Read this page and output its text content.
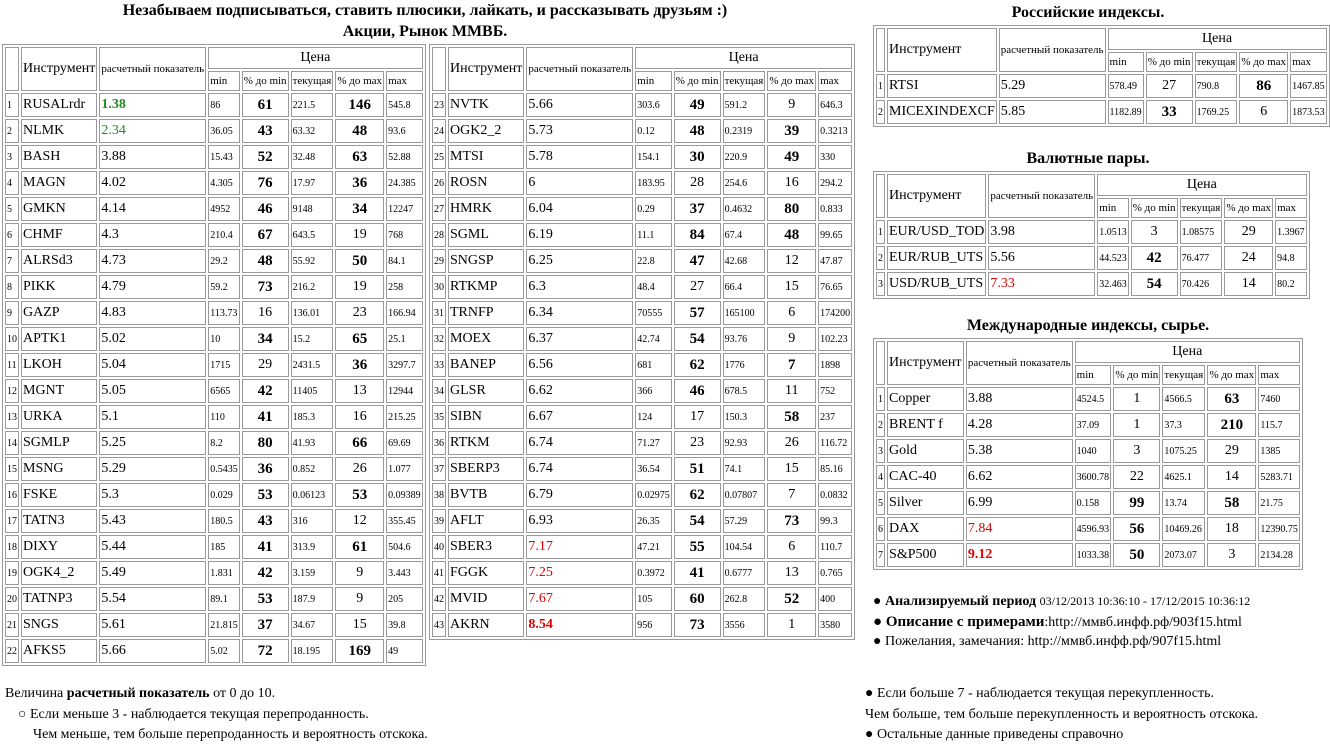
Незабываем подписываться, ставить плюсики, лайкать, и рассказывать друзьям :)
Акции, Рынок ММВБ.
	Инструмент	расчетный показатель	Цена				
			min	% до min	текущая	% до max	max
1	RUSALrdr	1.38	86	61	221.5	146	545.8
2	NLMK	2.34	36.05	43	63.32	48	93.6
3	BASH	3.88	15.43	52	32.48	63	52.88
4	MAGN	4.02	4.305	76	17.97	36	24.385
5	GMKN	4.14	4952	46	9148	34	12247
6	CHMF	4.3	210.4	67	643.5	19	768
7	ALRSd3	4.73	29.2	48	55.92	50	84.1
8	PIKK	4.79	59.2	73	216.2	19	258
9	GAZP	4.83	113.73	16	136.01	23	166.94
10	APTK1	5.02	10	34	15.2	65	25.1
11	LKOH	5.04	1715	29	2431.5	36	3297.7
12	MGNT	5.05	6565	42	11405	13	12944
13	URKA	5.1	110	41	185.3	16	215.25
14	SGMLP	5.25	8.2	80	41.93	66	69.69
15	MSNG	5.29	0.5435	36	0.852	26	1.077
16	FSKE	5.3	0.029	53	0.06123	53	0.09389
17	TATN3	5.43	180.5	43	316	12	355.45
18	DIXY	5.44	185	41	313.9	61	504.6
19	OGK4_2	5.49	1.831	42	3.159	9	3.443
20	TATNP3	5.54	89.1	53	187.9	9	205
21	SNGS	5.61	21.815	37	34.67	15	39.8
22	AFKS5	5.66	5.02	72	18.195	169	49
	Инструмент	расчетный показатель	Цена				
			min	% до min	текущая	% до max	max
23	NVTK	5.66	303.6	49	591.2	9	646.3
24	OGK2_2	5.73	0.12	48	0.2319	39	0.3213
25	MTSI	5.78	154.1	30	220.9	49	330
26	ROSN	6	183.95	28	254.6	16	294.2
27	HMRK	6.04	0.29	37	0.4632	80	0.833
28	SGML	6.19	11.1	84	67.4	48	99.65
29	SNGSP	6.25	22.8	47	42.68	12	47.87
30	RTKMP	6.3	48.4	27	66.4	15	76.65
31	TRNFP	6.34	70555	57	165100	6	174200
32	MOEX	6.37	42.74	54	93.76	9	102.23
33	BANEP	6.56	681	62	1776	7	1898
34	GLSR	6.62	366	46	678.5	11	752
35	SIBN	6.67	124	17	150.3	58	237
36	RTKM	6.74	71.27	23	92.93	26	116.72
37	SBERP3	6.74	36.54	51	74.1	15	85.16
38	BVTB	6.79	0.02975	62	0.07807	7	0.0832
39	AFLT	6.93	26.35	54	57.29	73	99.3
40	SBER3	7.17	47.21	55	104.54	6	110.7
41	FGGK	7.25	0.3972	41	0.6777	13	0.765
42	MVID	7.67	105	60	262.8	52	400
43	AKRN	8.54	956	73	3556	1	3580
Российские индексы.
	Инструмент	расчетный показатель	Цена				
			min	% до min	текущая	% до max	max
1	RTSI	5.29	578.49	27	790.8	86	1467.85
2	MICEXINDEXCF	5.85	1182.89	33	1769.25	6	1873.53
Валютные пары.
	Инструмент	расчетный показатель	Цена				
			min	% до min	текущая	% до max	max
1	EUR/USD_TOD	3.98	1.0513	3	1.08575	29	1.3967
2	EUR/RUB_UTS	5.56	44.523	42	76.477	24	94.8
3	USD/RUB_UTS	7.33	32.463	54	70.426	14	80.2
Международные индексы, сырье.
	Инструмент	расчетный показатель	Цена				
			min	% до min	текущая	% до max	max
1	Copper	3.88	4524.5	1	4566.5	63	7460
2	BRENT f	4.28	37.09	1	37.3	210	115.7
3	Gold	5.38	1040	3	1075.25	29	1385
4	CAC-40	6.62	3600.78	22	4625.1	14	5283.71
5	Silver	6.99	0.158	99	13.74	58	21.75
6	DAX	7.84	4596.93	56	10469.26	18	12390.75
7	S&P500	9.12	1033.38	50	2073.07	3	2134.28
● Анализируемый период 03/12/2013 10:36:10 - 17/12/2015 10:36:12
● Описание с примерами:http://ммвб.инфф.рф/903f15.html
● Пожелания, замечания: http://ммвб.инфф.рф/907f15.html
Величина расчетный показатель от 0 до 10.
○ Если меньше 3 - наблюдается текущая перепроданность.
Чем меньше, тем больше перепроданность и вероятность отскока.
● Если больше 7 - наблюдается текущая перекупленность.
Чем больше, тем больше перекупленность и вероятность отскока.
● Остальные данные приведены справочно
